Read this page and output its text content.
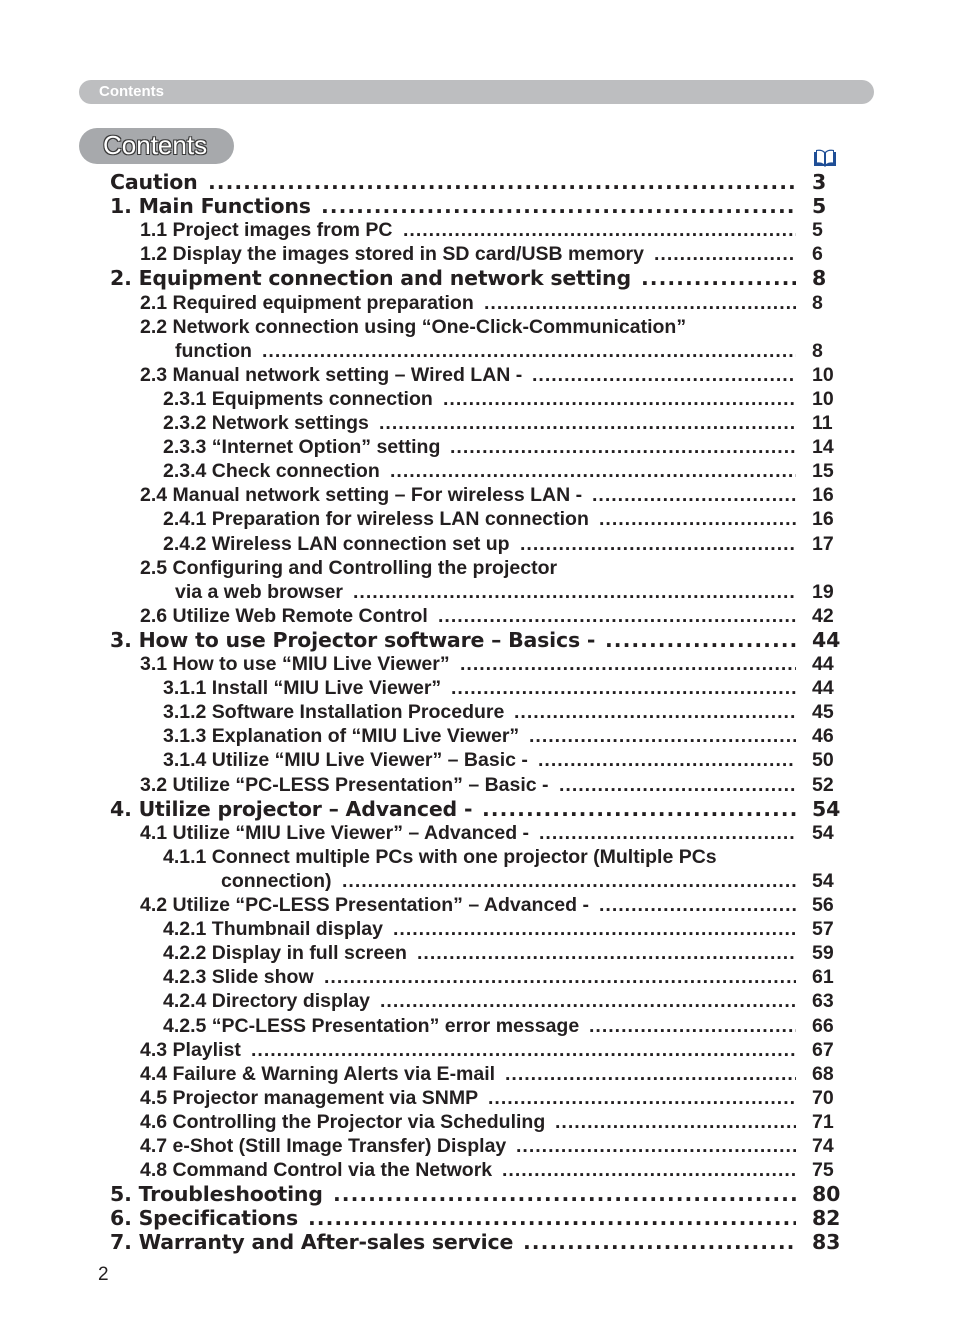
Contents
Contents
Caution .....	3
1. Main Functions .....	5
1.1 Project images from PC .....	5
1.2 Display the images stored in SD card/USB memory .....	6
2. Equipment connection and network setting .....	8
2.1 Required equipment preparation .....	8
2.2 Network connection using “One-Click-Communication”
function .....	8
2.3 Manual network setting – Wired LAN - .....	10
2.3.1 Equipments connection .....	10
2.3.2 Network settings .....	11
2.3.3 “Internet Option” setting .....	14
2.3.4 Check connection .....	15
2.4 Manual network setting – For wireless LAN - .....	16
2.4.1 Preparation for wireless LAN connection .....	16
2.4.2 Wireless LAN connection set up .....	17
2.5 Configuring and Controlling the projector
via a web browser .....	19
2.6 Utilize Web Remote Control .....	42
3. How to use Projector software – Basics - .....	44
3.1 How to use “MIU Live Viewer” .....	44
3.1.1 Install “MIU Live Viewer” .....	44
3.1.2 Software Installation Procedure .....	45
3.1.3 Explanation of “MIU Live Viewer” .....	46
3.1.4 Utilize “MIU Live Viewer” – Basic - .....	50
3.2 Utilize “PC-LESS Presentation” – Basic - .....	52
4. Utilize projector – Advanced - .....	54
4.1 Utilize “MIU Live Viewer” – Advanced - .....	54
4.1.1 Connect multiple PCs with one projector (Multiple PCs
connection) .....	54
4.2 Utilize “PC-LESS Presentation” – Advanced - .....	56
4.2.1 Thumbnail display .....	57
4.2.2 Display in full screen .....	59
4.2.3 Slide show .....	61
4.2.4 Directory display .....	63
4.2.5 “PC-LESS Presentation” error message .....	66
4.3 Playlist .....	67
4.4 Failure & Warning Alerts via E-mail .....	68
4.5 Projector management via SNMP .....	70
4.6 Controlling the Projector via Scheduling .....	71
4.7 e-Shot (Still Image Transfer) Display .....	74
4.8 Command Control via the Network .....	75
5. Troubleshooting .....	80
6. Specifications .....	82
7. Warranty and After-sales service .....	83
2
